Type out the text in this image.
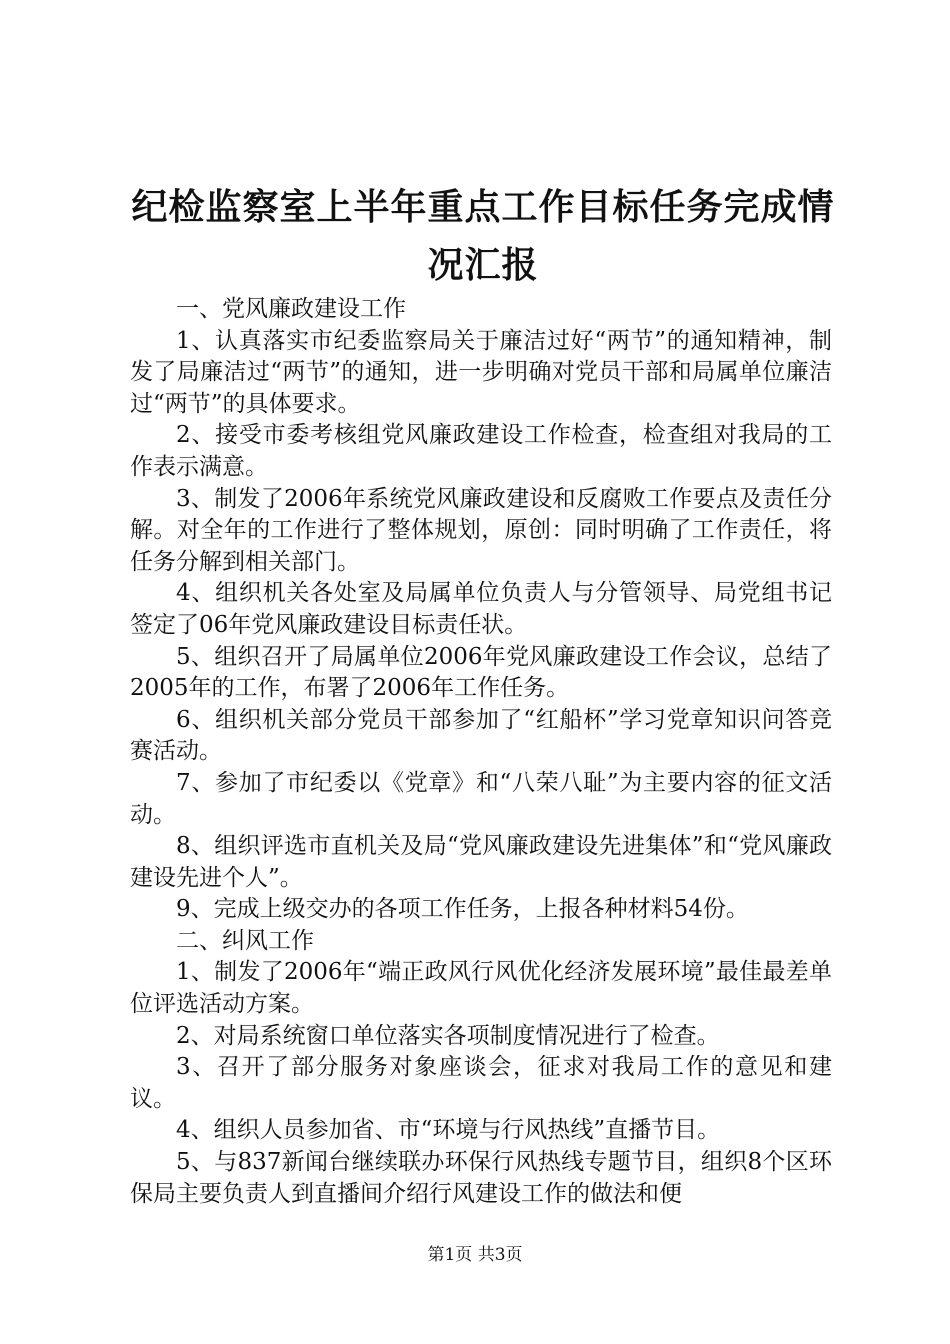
纪检监察室上半年重点工作目标任务完成情况汇报

一、党风廉政建设工作

1、认真落实市纪委监察局关于廉洁过好“两节”的通知精神，制发了局廉洁过“两节”的通知，进一步明确对党员干部和局属单位廉洁过“两节”的具体要求。

2、接受市委考核组党风廉政建设工作检查，检查组对我局的工作表示满意。

3、制发了2006年系统党风廉政建设和反腐败工作要点及责任分解。对全年的工作进行了整体规划，原创：同时明确了工作责任，将任务分解到相关部门。

4、组织机关各处室及局属单位负责人与分管领导、局党组书记签定了06年党风廉政建设目标责任状。

5、组织召开了局属单位2006年党风廉政建设工作会议，总结了2005年的工作，布署了2006年工作任务。

6、组织机关部分党员干部参加了“红船杯”学习党章知识问答竞赛活动。

7、参加了市纪委以《党章》和“八荣八耻”为主要内容的征文活动。

8、组织评选市直机关及局“党风廉政建设先进集体”和“党风廉政建设先进个人”。

9、完成上级交办的各项工作任务，上报各种材料54份。

二、纠风工作

1、制发了2006年“端正政风行风优化经济发展环境”最佳最差单位评选活动方案。

2、对局系统窗口单位落实各项制度情况进行了检查。

3、召开了部分服务对象座谈会，征求对我局工作的意见和建议。

4、组织人员参加省、市“环境与行风热线”直播节目。

5、与837新闻台继续联办环保行风热线专题节目，组织8个区环保局主要负责人到直播间介绍行风建设工作的做法和便

第1页 共3页
